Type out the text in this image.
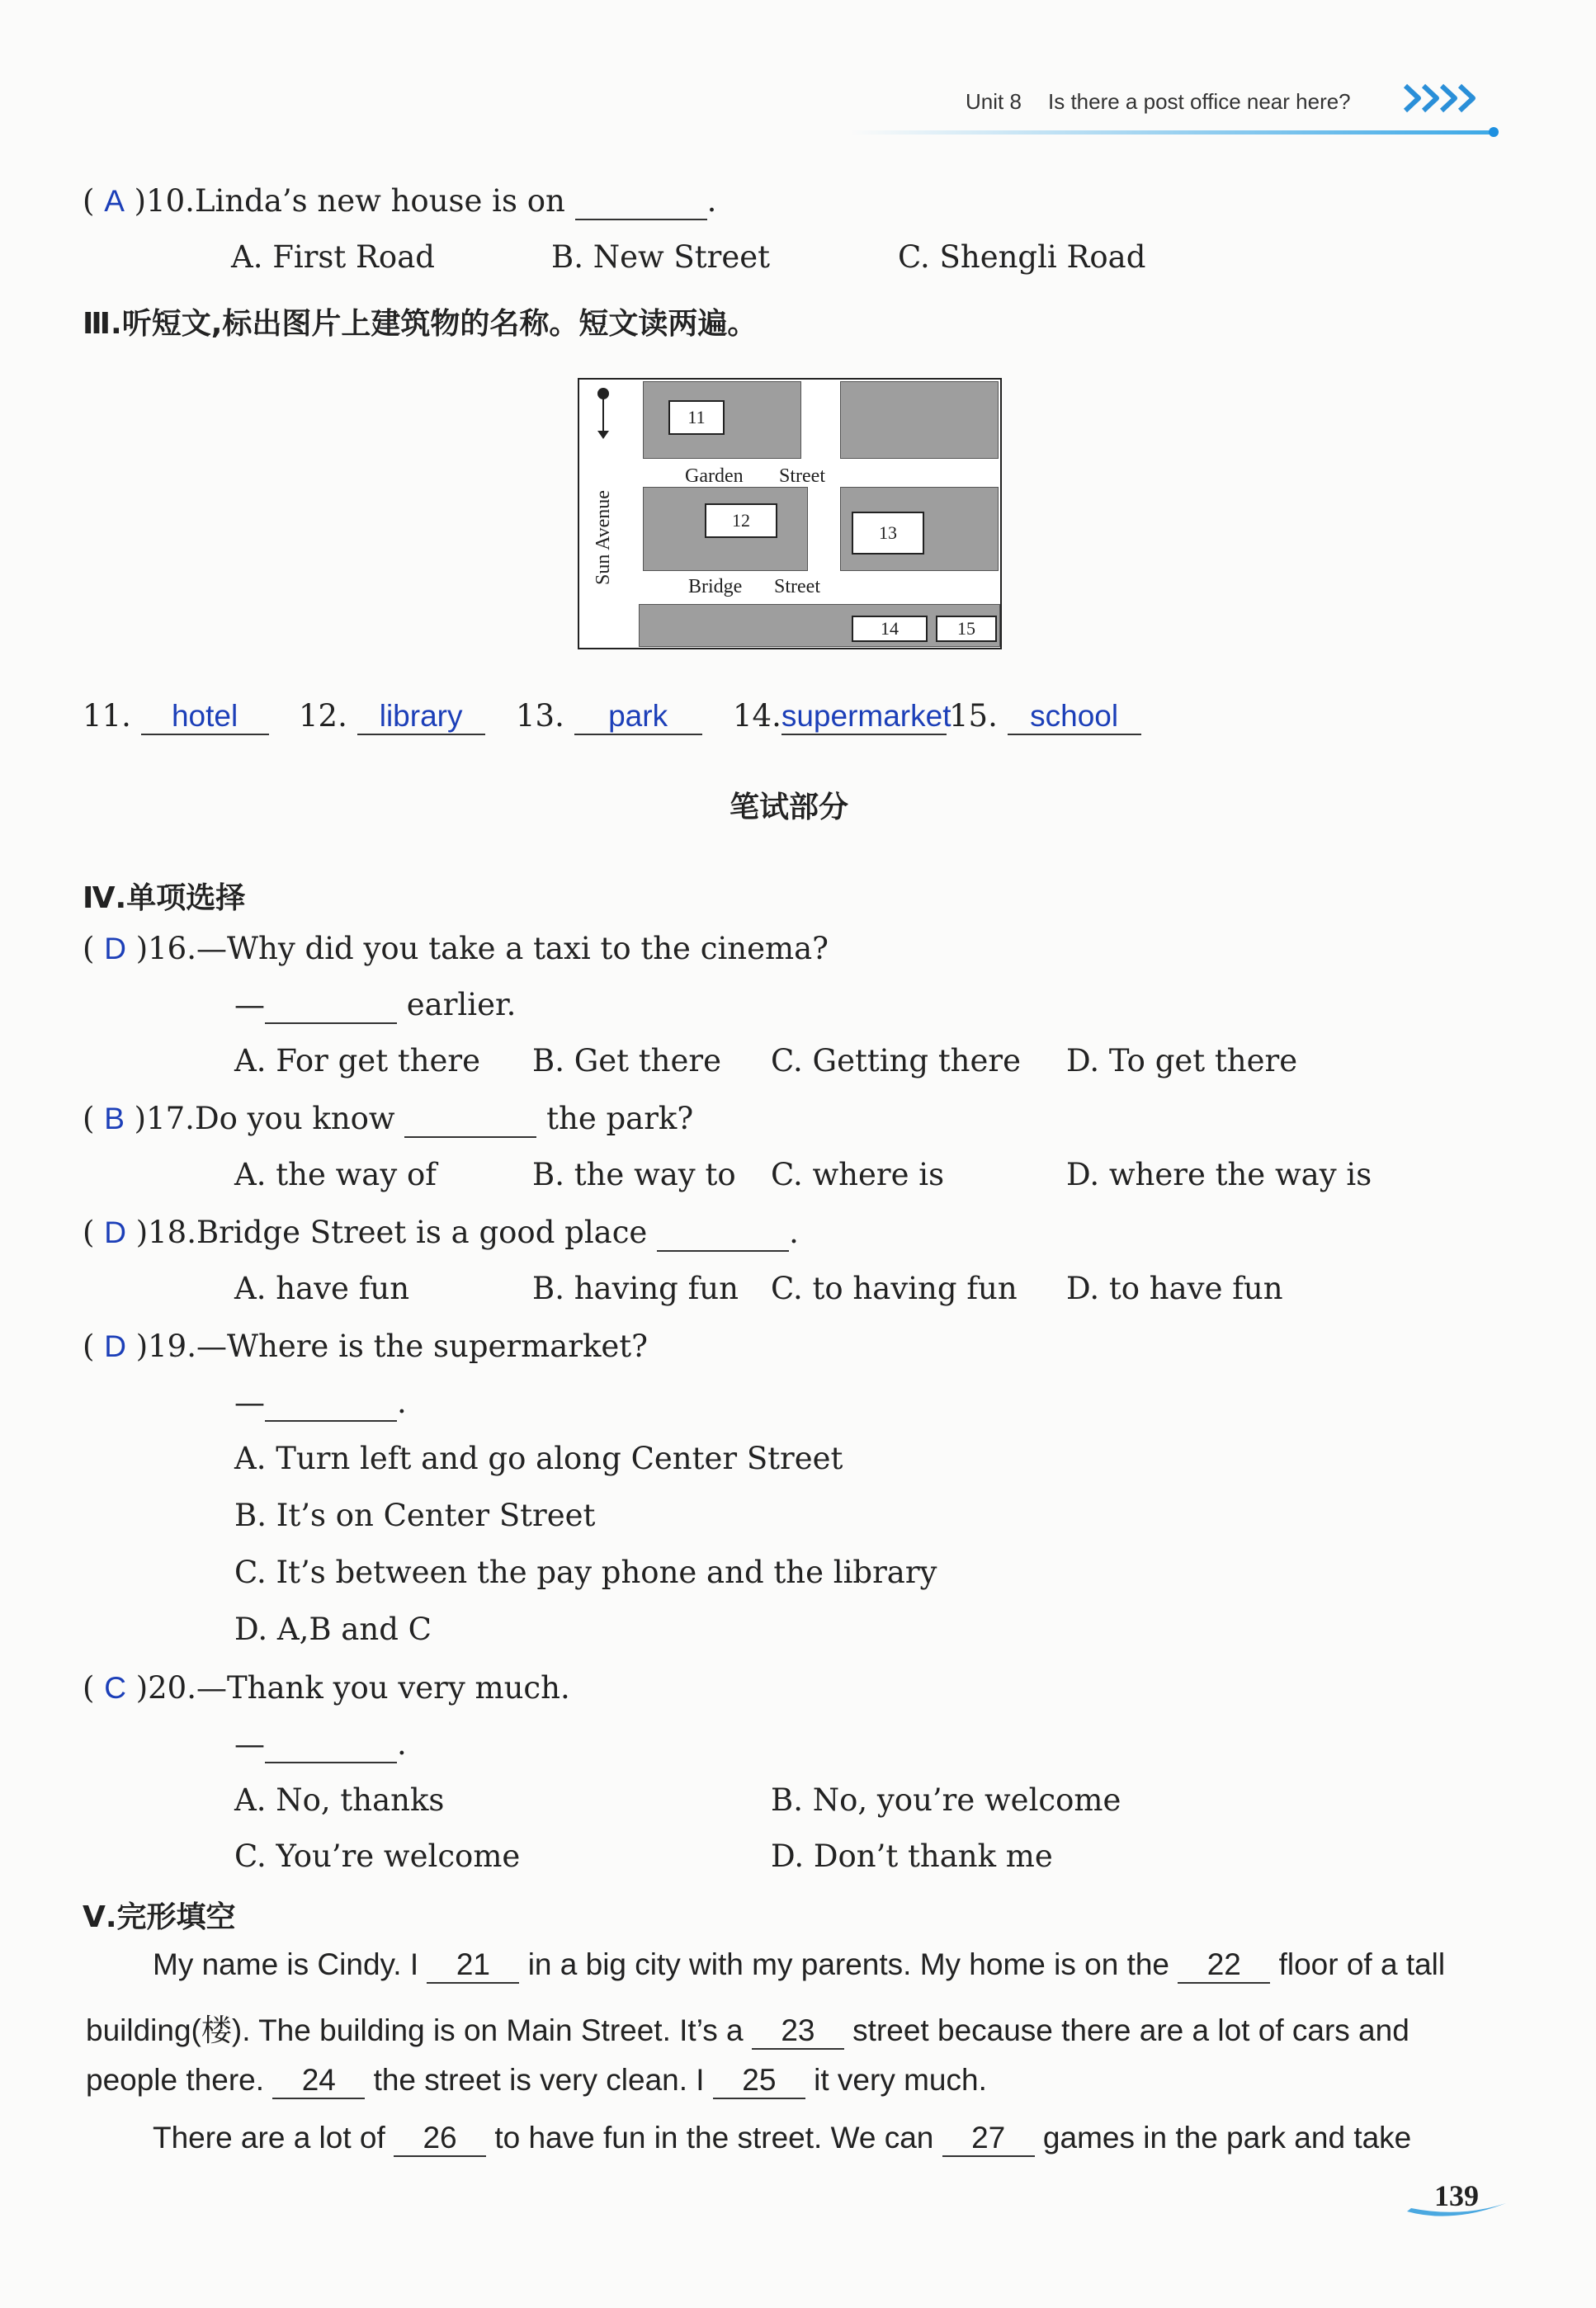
Unit 8 Is there a post office near here?
( A )10.Linda’s new house is on	.
A. First Road	B. New Street	C. Shengli Road
Ⅲ.听短文,标出图片上建筑物的名称。短文读两遍。
11
12
13
14	15
Garden Street
Bridge Street
Sun Avenue
11. hotel	12. library	13. park	14.supermarket
15. school
笔试部分
Ⅳ.单项选择
( D )16.—Why did you take a taxi to the cinema?
—	earlier.
A. For get there B. Get there C. Getting there D. To get there
( B )17.Do you know	the park?
A. the way of	B. the way to C. where is	D. where the way is
( D )18.Bridge Street is a good place	.
A. have fun	B. having fun C. to having fun D. to have fun
( D )19.—Where is the supermarket?
—	.
A. Turn left and go along Center Street
B. It’s on Center Street
C. It’s between the pay phone and the library
D. A,B and C
( C )20.—Thank you very much.
—	.
A. No, thanks	B. No, you’re welcome
C. You’re welcome	D. Don’t thank me
Ⅴ.完形填空
My name is Cindy. I 21 in a big city with my parents. My home is on the 22 floor of a tall
building(楼). The building is on Main Street. It’s a 23 street because there are a lot of cars and
people there. 24 the street is very clean. I 25 it very much.
There are a lot of 26 to have fun in the street. We can 27 games in the park and take
139
